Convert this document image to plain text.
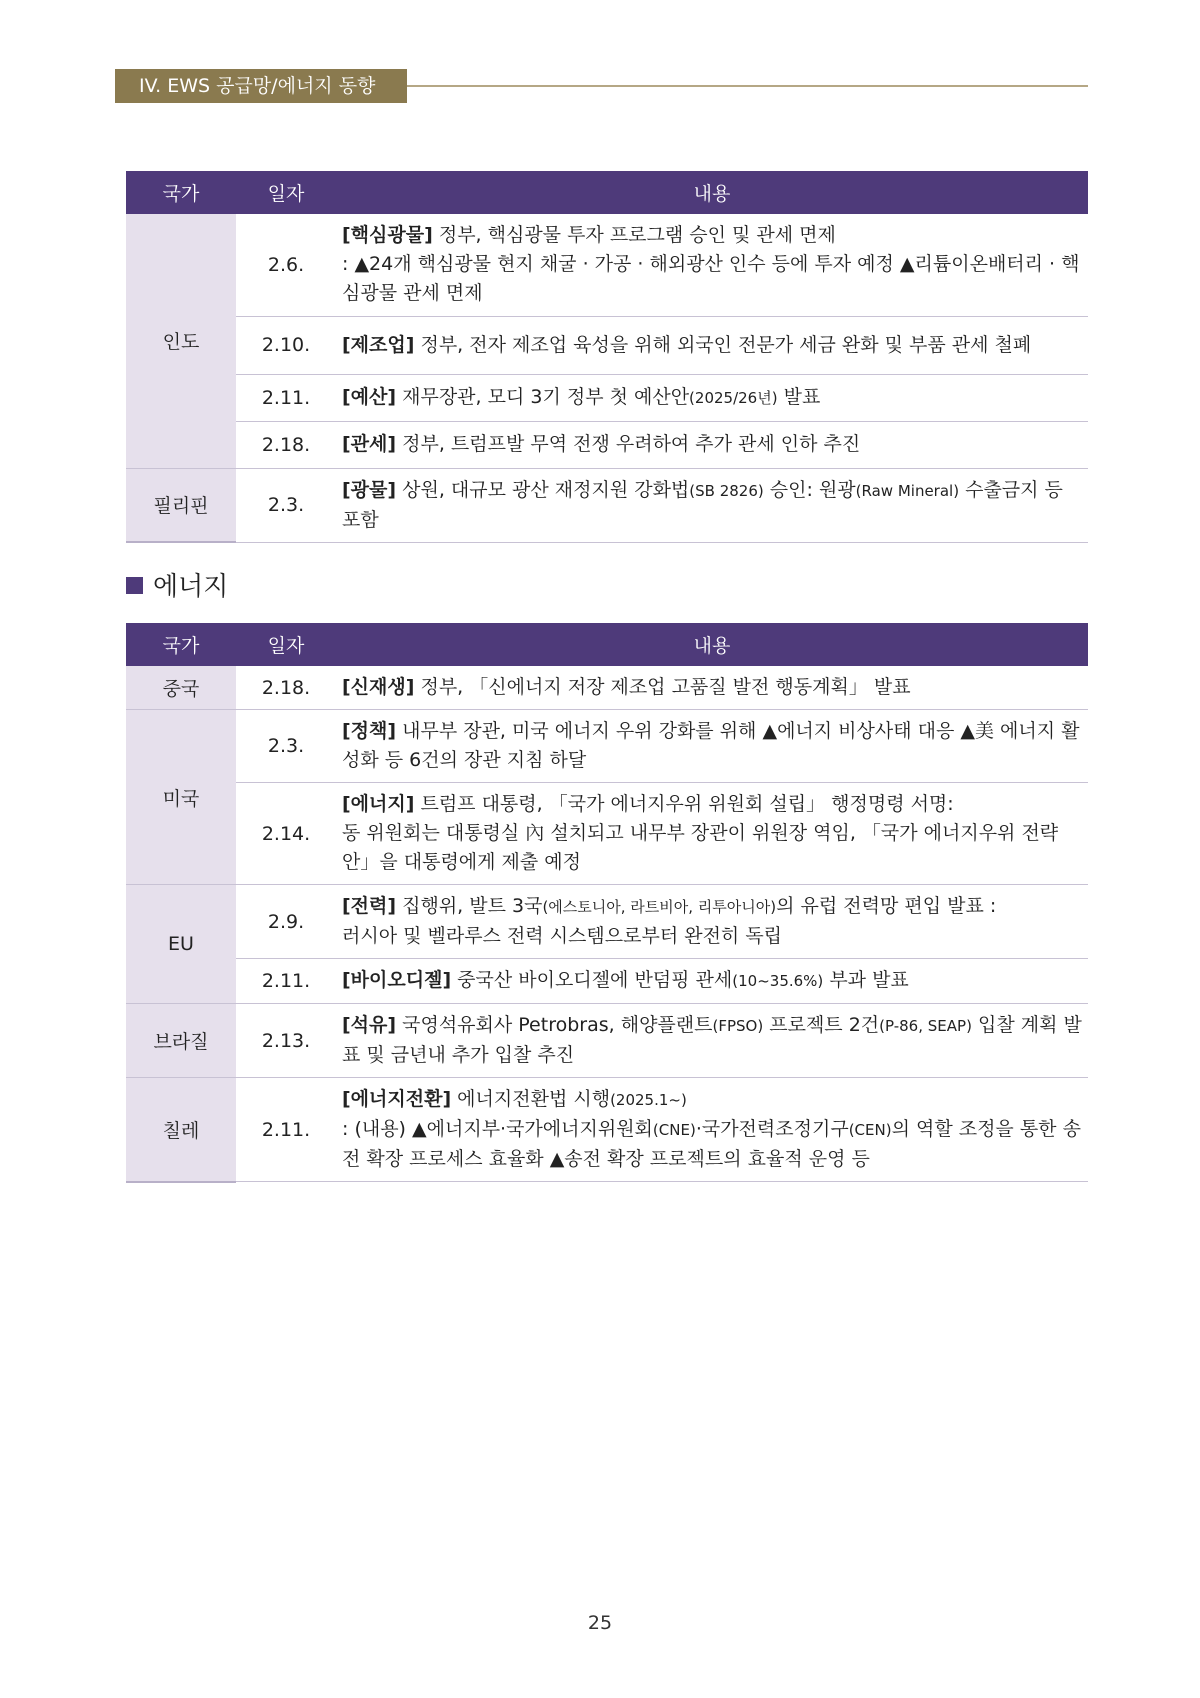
IV. EWS 공급망/에너지 동향
국가	일자	내용
인도	2.6.	[핵심광물] 정부, 핵심광물 투자 프로그램 승인 및 관세 면제
: ▲24개 핵심광물 현지 채굴 · 가공 · 해외광산 인수 등에 투자 예정 ▲리튬이온배터리 · 핵심광물 관세 면제
	2.10.	[제조업] 정부, 전자 제조업 육성을 위해 외국인 전문가 세금 완화 및 부품 관세 철폐
	2.11.	[예산] 재무장관, 모디 3기 정부 첫 예산안(2025/26년) 발표
	2.18.	[관세] 정부, 트럼프발 무역 전쟁 우려하여 추가 관세 인하 추진
필리핀	2.3.	[광물] 상원, 대규모 광산 재정지원 강화법(SB 2826) 승인: 원광(Raw Mineral) 수출금지 등 포함
에너지
국가	일자	내용
중국	2.18.	[신재생] 정부, 「신에너지 저장 제조업 고품질 발전 행동계획」 발표
미국	2.3.	[정책] 내무부 장관, 미국 에너지 우위 강화를 위해 ▲에너지 비상사태 대응 ▲美 에너지 활성화 등 6건의 장관 지침 하달
	2.14.	[에너지] 트럼프 대통령, 「국가 에너지우위 위원회 설립」 행정명령 서명:
동 위원회는 대통령실 內 설치되고 내무부 장관이 위원장 역임, 「국가 에너지우위 전략안」을 대통령에게 제출 예정
EU	2.9.	[전력] 집행위, 발트 3국(에스토니아, 라트비아, 리투아니아)의 유럽 전력망 편입 발표 :
러시아 및 벨라루스 전력 시스템으로부터 완전히 독립
	2.11.	[바이오디젤] 중국산 바이오디젤에 반덤핑 관세(10~35.6%) 부과 발표
브라질	2.13.	[석유] 국영석유회사 Petrobras, 해양플랜트(FPSO) 프로젝트 2건(P-86, SEAP) 입찰 계획 발표 및 금년내 추가 입찰 추진
칠레	2.11.	[에너지전환] 에너지전환법 시행(2025.1~)
: (내용) ▲에너지부·국가에너지위원회(CNE)·국가전력조정기구(CEN)의 역할 조정을 통한 송전 확장 프로세스 효율화 ▲송전 확장 프로젝트의 효율적 운영 등
25
